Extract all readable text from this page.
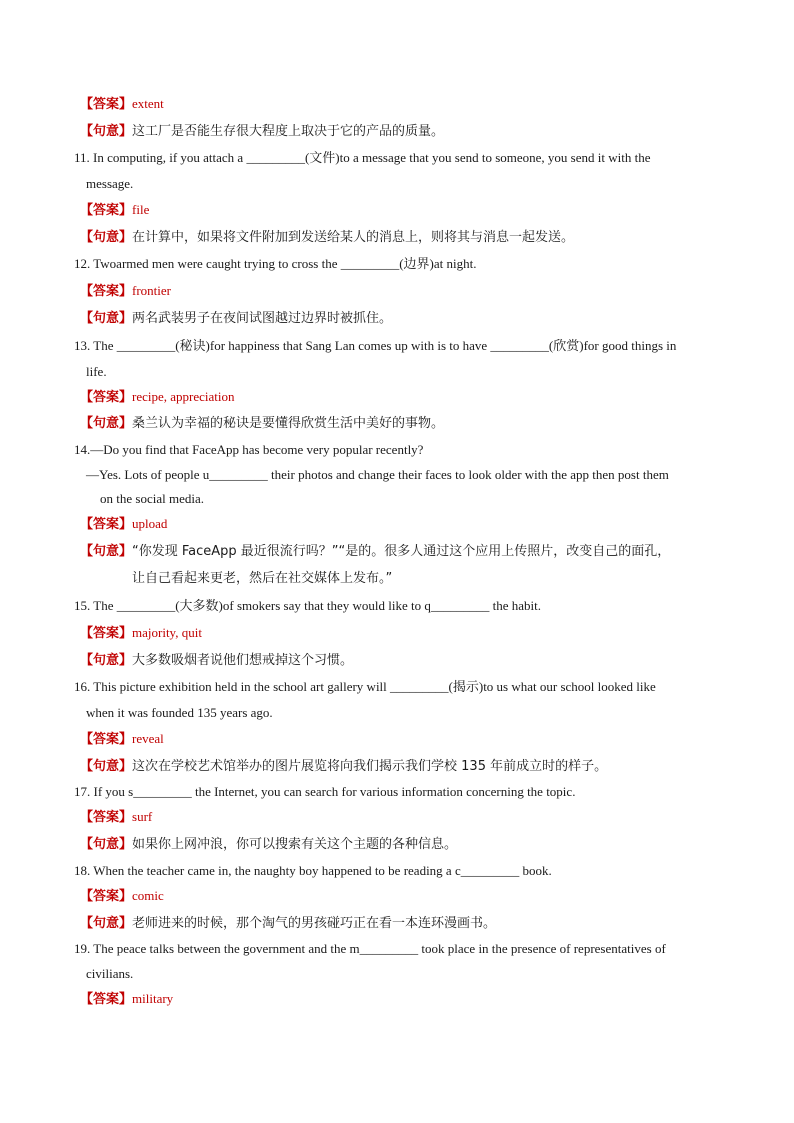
【答案】extent
【句意】这工厂是否能生存很大程度上取决于它的产品的质量。
11. In computing, if you attach a _________(文件)to a message that you send to someone, you send it with the
message.
【答案】file
【句意】在计算中，如果将文件附加到发送给某人的消息上，则将其与消息一起发送。
12. Twoarmed men were caught trying to cross the _________(边界)at night.
【答案】frontier
【句意】两名武装男子在夜间试图越过边界时被抓住。
13. The _________(秘诀)for happiness that Sang Lan comes up with is to have _________(欣赏)for good things in
life.
【答案】recipe, appreciation
【句意】桑兰认为幸福的秘诀是要懂得欣赏生活中美好的事物。
14.—Do you find that FaceApp has become very popular recently?
—Yes. Lots of people u_________ their photos and change their faces to look older with the app then post them
on the social media.
【答案】upload
【句意】“你发现 FaceApp 最近很流行吗？”“是的。很多人通过这个应用上传照片，改变自己的面孔，
让自己看起来更老，然后在社交媒体上发布。”
15. The _________(大多数)of smokers say that they would like to q_________ the habit.
【答案】majority, quit
【句意】大多数吸烟者说他们想戒掉这个习惯。
16. This picture exhibition held in the school art gallery will _________(揭示)to us what our school looked like
when it was founded 135 years ago.
【答案】reveal
【句意】这次在学校艺术馆举办的图片展览将向我们揭示我们学校 135 年前成立时的样子。
17. If you s_________ the Internet, you can search for various information concerning the topic.
【答案】surf
【句意】如果你上网冲浪，你可以搜索有关这个主题的各种信息。
18. When the teacher came in, the naughty boy happened to be reading a c_________ book.
【答案】comic
【句意】老师进来的时候，那个淘气的男孩碰巧正在看一本连环漫画书。
19. The peace talks between the government and the m_________ took place in the presence of representatives of
civilians.
【答案】military
